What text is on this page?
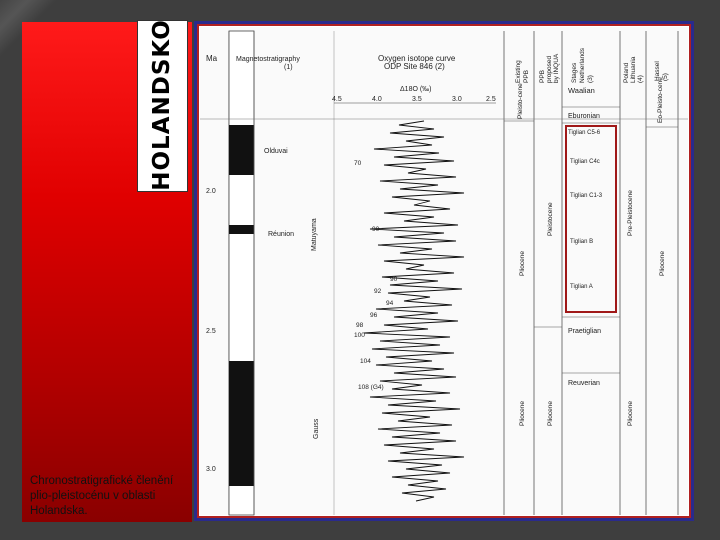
HOLANDSKO
Chronostratigrafické členění plio-pleistocénu v oblasti Holandska.
Ma
2.0
2.5
3.0
Magnetostratigraphy
(1)
Olduvai
Réunion Matuyama
Gauss
Oxygen isotope curve
ODP Site 846 (2)
Δ18O (‰)
4.5	4.0	3.5	3.0	2.5
70
90
90
92
94
96
98
100
104
108 (G4)
Existing PPB PPB proposed by INQUA Stages Netherlands (3)	Poland Lithuania (4) Hassel (5)
Pleisto-cene
Pliocene
Pliocene
Pleistocene
Pliocene
Waalian
Eburonian
Tiglian C5-6
Tiglian C4c
Tiglian C1-3
Tiglian B
Tiglian A
Praetiglian
Reuverian
Pre-Pleistocene
Pliocene
Eo-Pleisto-cene
Pliocene
